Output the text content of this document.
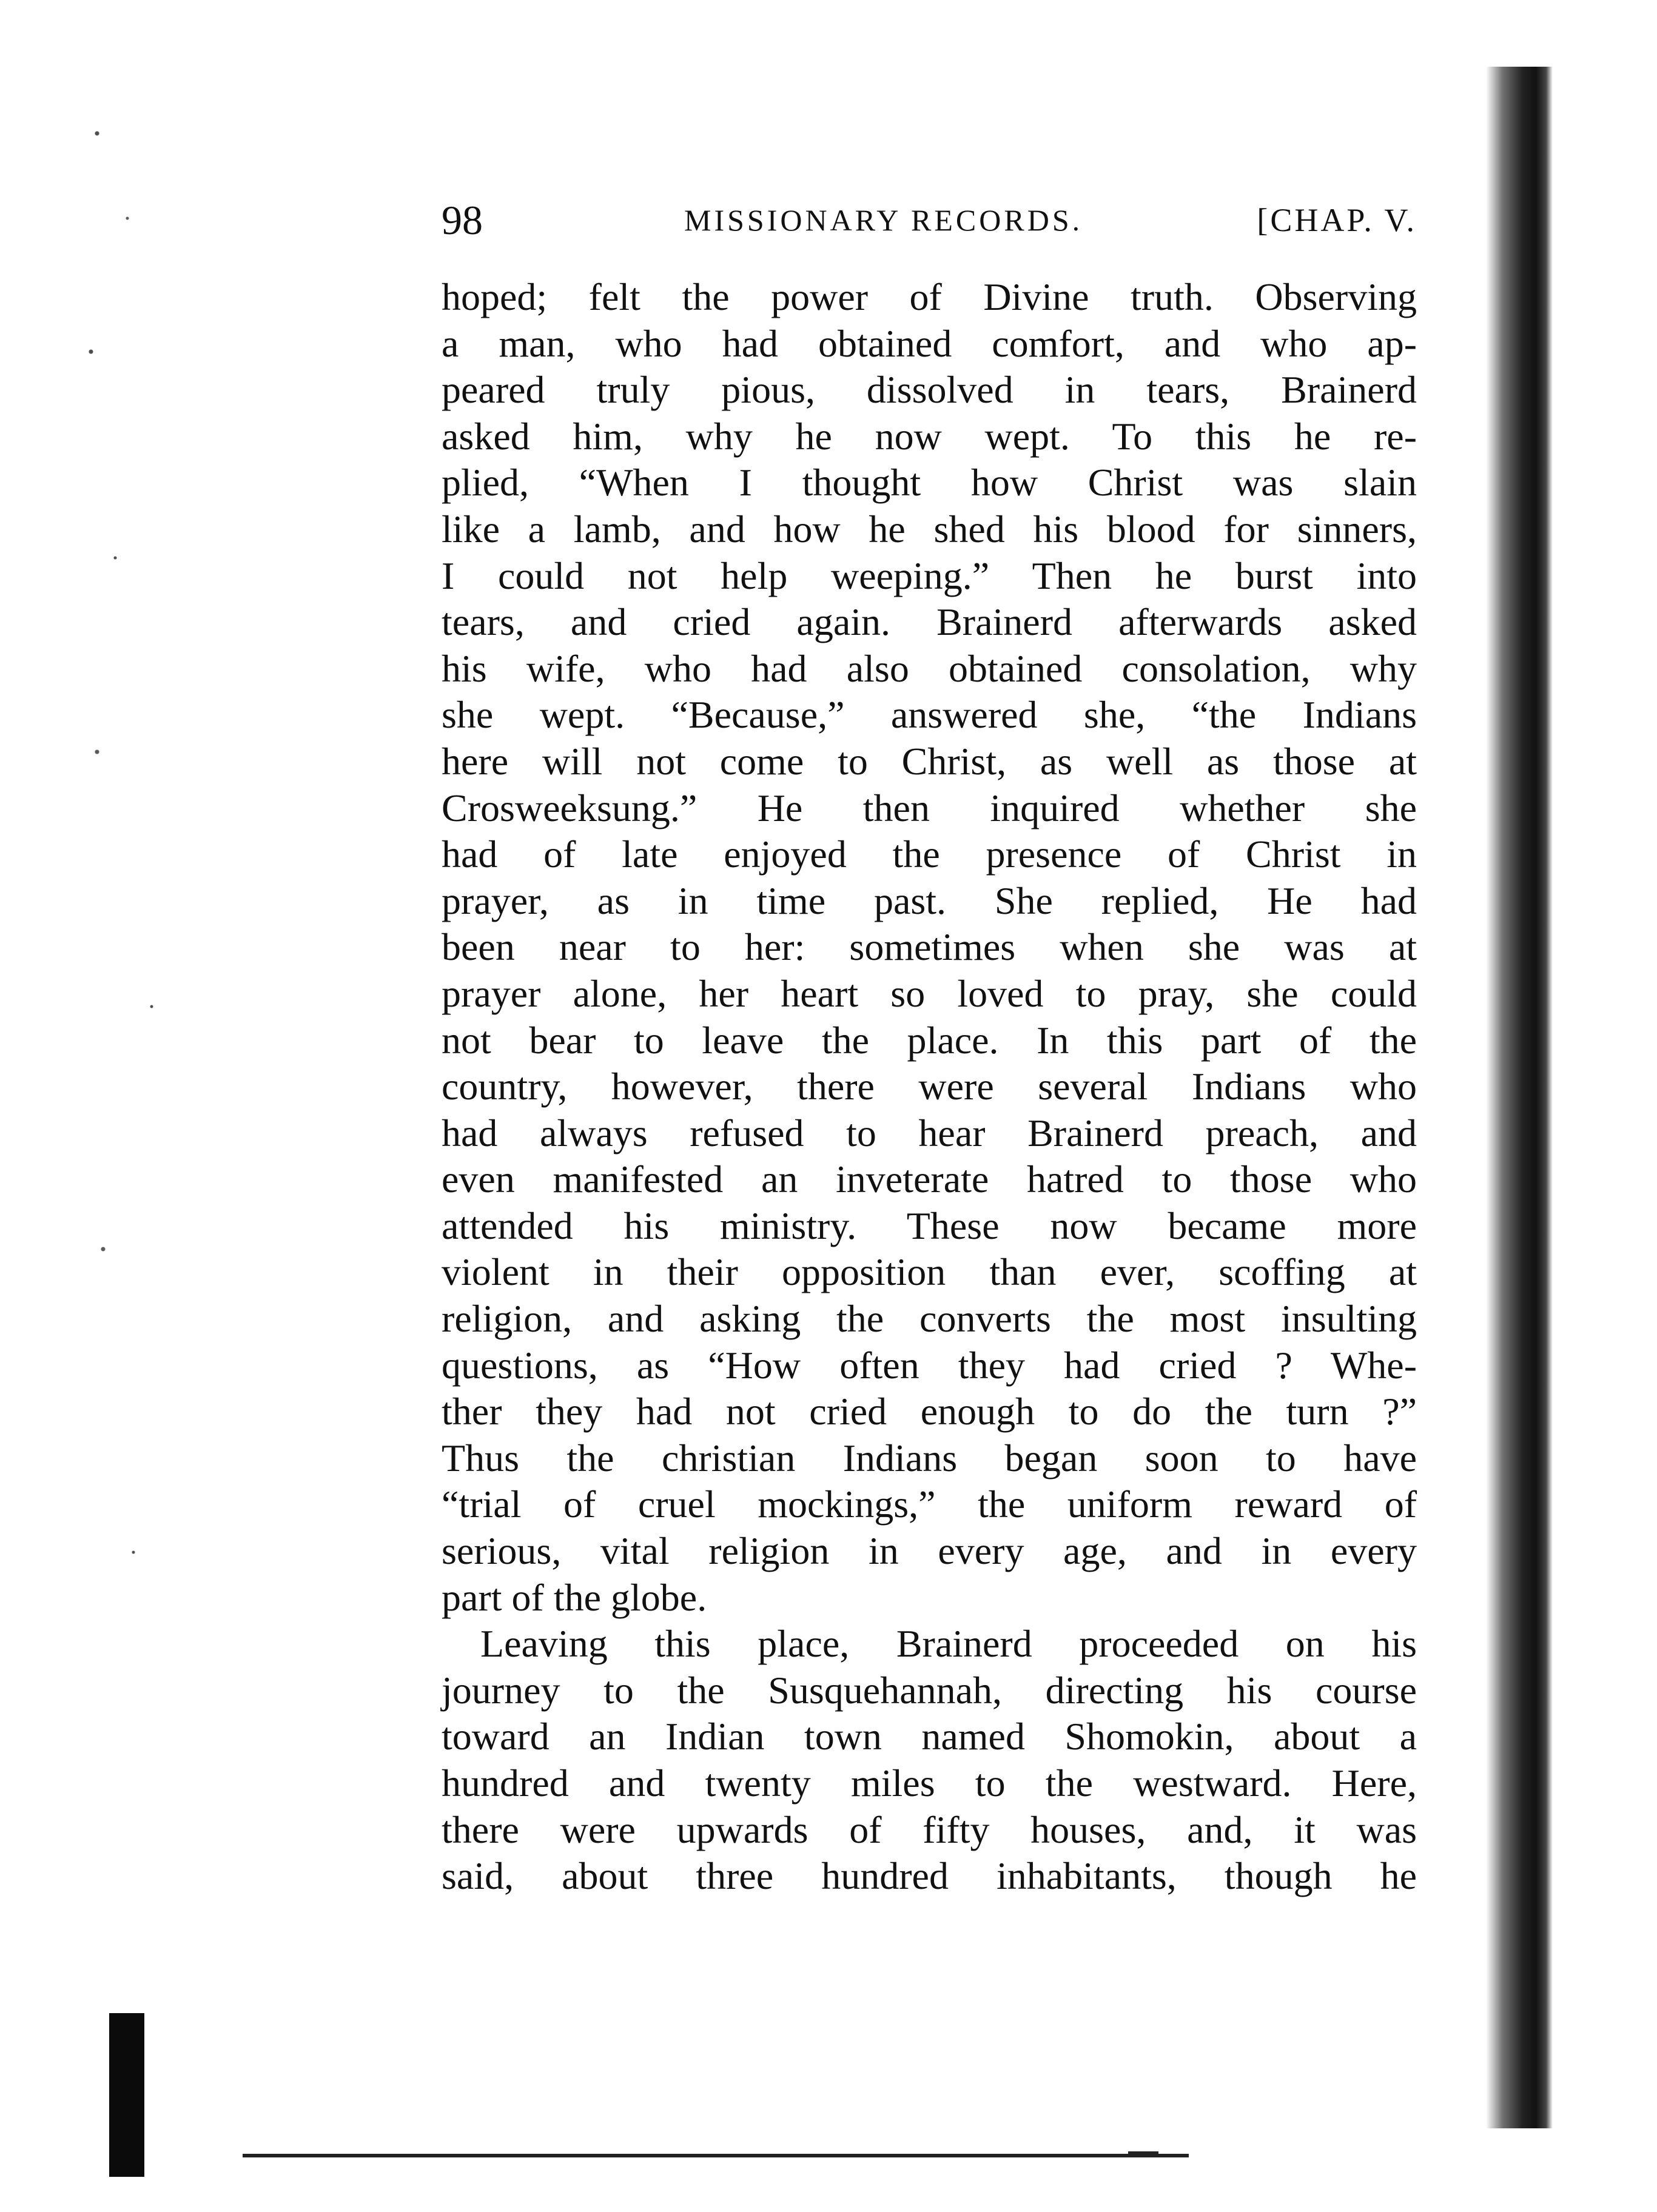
98	MISSIONARY RECORDS.	[CHAP. V.
hoped; felt the power of Divine truth. Observing
a man, who had obtained comfort, and who ap-
peared truly pious, dissolved in tears, Brainerd
asked him, why he now wept. To this he re-
plied, “When I thought how Christ was slain
like a lamb, and how he shed his blood for sinners,
I could not help weeping.” Then he burst into
tears, and cried again. Brainerd afterwards asked
his wife, who had also obtained consolation, why
she wept. “Because,” answered she, “the Indians
here will not come to Christ, as well as those at
Crosweeksung.” He then inquired whether she
had of late enjoyed the presence of Christ in
prayer, as in time past. She replied, He had
been near to her: sometimes when she was at
prayer alone, her heart so loved to pray, she could
not bear to leave the place. In this part of the
country, however, there were several Indians who
had always refused to hear Brainerd preach, and
even manifested an inveterate hatred to those who
attended his ministry. These now became more
violent in their opposition than ever, scoffing at
religion, and asking the converts the most insulting
questions, as “How often they had cried ? Whe-
ther they had not cried enough to do the turn ?”
Thus the christian Indians began soon to have
“trial of cruel mockings,” the uniform reward of
serious, vital religion in every age, and in every
part of the globe.
Leaving this place, Brainerd proceeded on his
journey to the Susquehannah, directing his course
toward an Indian town named Shomokin, about a
hundred and twenty miles to the westward. Here,
there were upwards of fifty houses, and, it was
said, about three hundred inhabitants, though he
